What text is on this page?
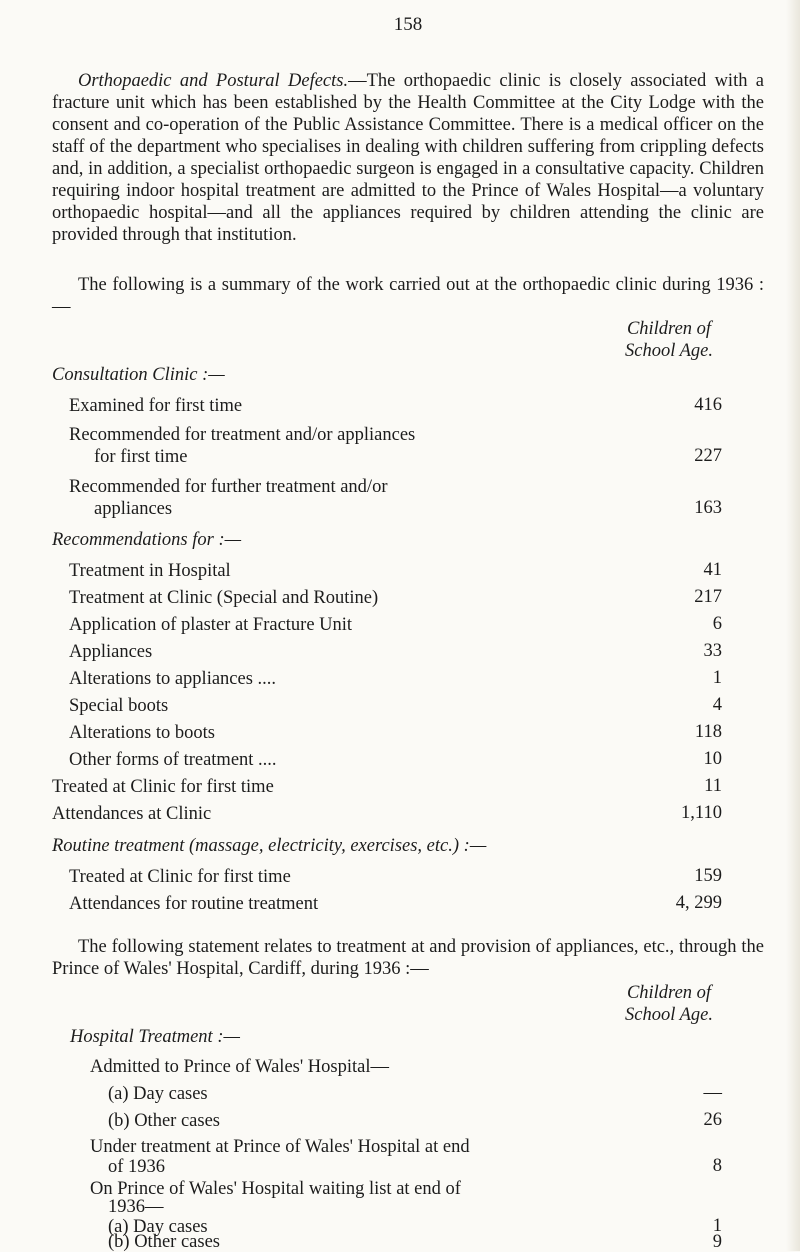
158

Orthopaedic and Postural Defects.—The orthopaedic clinic is closely associated with a fracture unit which has been established by the Health Committee at the City Lodge with the consent and co-operation of the Public Assistance Committee. There is a medical officer on the staff of the department who specialises in dealing with children suffering from crippling defects and, in addition, a specialist orthopaedic surgeon is engaged in a consultative capacity. Children requiring indoor hospital treatment are admitted to the Prince of Wales Hospital—a voluntary orthopaedic hospital—and all the appliances required by children attending the clinic are provided through that institution.

The following is a summary of the work carried out at the orthopaedic clinic during 1936 :—

Children of
School Age.
Consultation Clinic :—
Examined for first time	416
Recommended for treatment and/or appliances
for first time	227
Recommended for further treatment and/or
appliances	163
Recommendations for :—
Treatment in Hospital	41
Treatment at Clinic (Special and Routine)	217
Application of plaster at Fracture Unit	6
Appliances	33
Alterations to appliances ....	1
Special boots	4
Alterations to boots	118
Other forms of treatment ....	10
Treated at Clinic for first time	11
Attendances at Clinic	1,110
Routine treatment (massage, electricity, exercises, etc.) :—
Treated at Clinic for first time	159
Attendances for routine treatment	4, 299

The following statement relates to treatment at and provision of appliances, etc., through the Prince of Wales' Hospital, Cardiff, during 1936 :—

Children of
School Age.
Hospital Treatment :—
Admitted to Prince of Wales' Hospital—
(a) Day cases	—
(b) Other cases	26
Under treatment at Prince of Wales' Hospital at end
of 1936	8
On Prince of Wales' Hospital waiting list at end of
1936—
(a) Day cases	1
(b) Other cases	9
